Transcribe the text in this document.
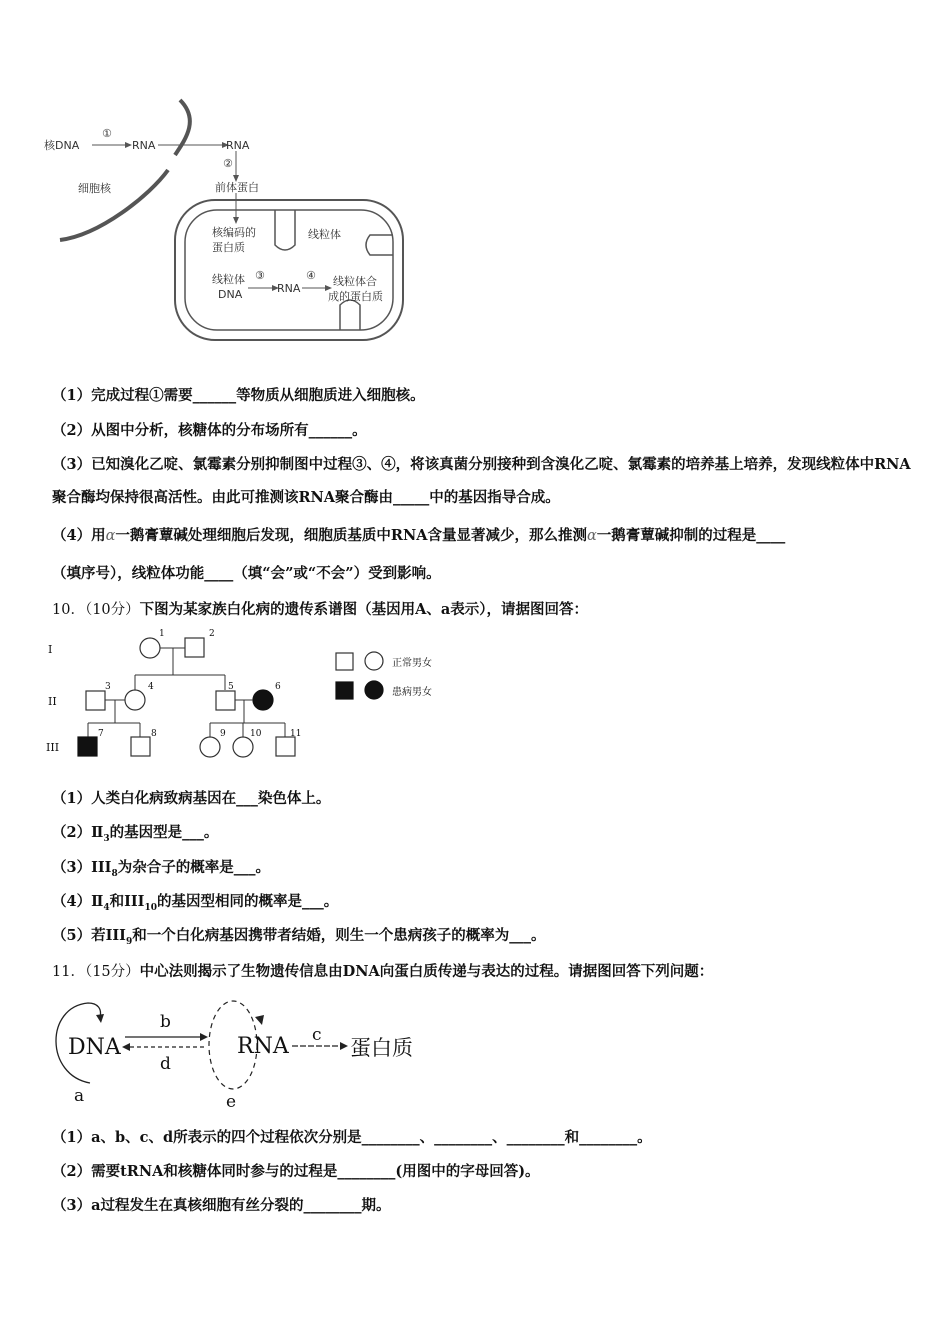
核DNA
①
RNA	RNA
②
前体蛋白
细胞核
核编码的蛋白质
线粒体
线粒体 DNA
③
RNA
④	线粒体合成的蛋白质
（1）完成过程①需要______等物质从细胞质进入细胞核。
（2）从图中分析，核糖体的分布场所有______。
（3）已知溴化乙啶、氯霉素分别抑制图中过程③、④，将该真菌分别接种到含溴化乙啶、氯霉素的培养基上培养，发现线粒体中RNA聚合酶均保持很高活性。由此可推测该RNA聚合酶由_____中的基因指导合成。
（4）用α一鹅膏蕈碱处理细胞后发现，细胞质基质中RNA含量显著减少，那么推测α一鹅膏蕈碱抑制的过程是____
（填序号），线粒体功能____（填“会”或“不会”）受到影响。
10．（10分）下图为某家族白化病的遗传系谱图（基因用A、a表示），请据图回答：
I
II
III
1	2
3	4	5	6
7	8	9	10	11
正常男女
患病男女
（1）人类白化病致病基因在___染色体上。
$(2)Ⅱ_3$的基因型是___。
$(3)III_8$为杂合子的概率是___。
$(4)Ⅱ_4$和$III_{10}$的基因型相同的概率是___。
（5）若$III_9$和一个白化病基因携带者结婚，则生一个患病孩子的概率为___。
11．（15分）中心法则揭示了生物遗传信息由DNA向蛋白质传递与表达的过程。请据图回答下列问题：
a
DNA
b
d
e
RNA c
蛋白质
（1）a、b、c、d所表示的四个过程依次分别是________、________、________和________。
（2）需要tRNA和核糖体同时参与的过程是________(用图中的字母回答)。
（3）a过程发生在真核细胞有丝分裂的________期。
